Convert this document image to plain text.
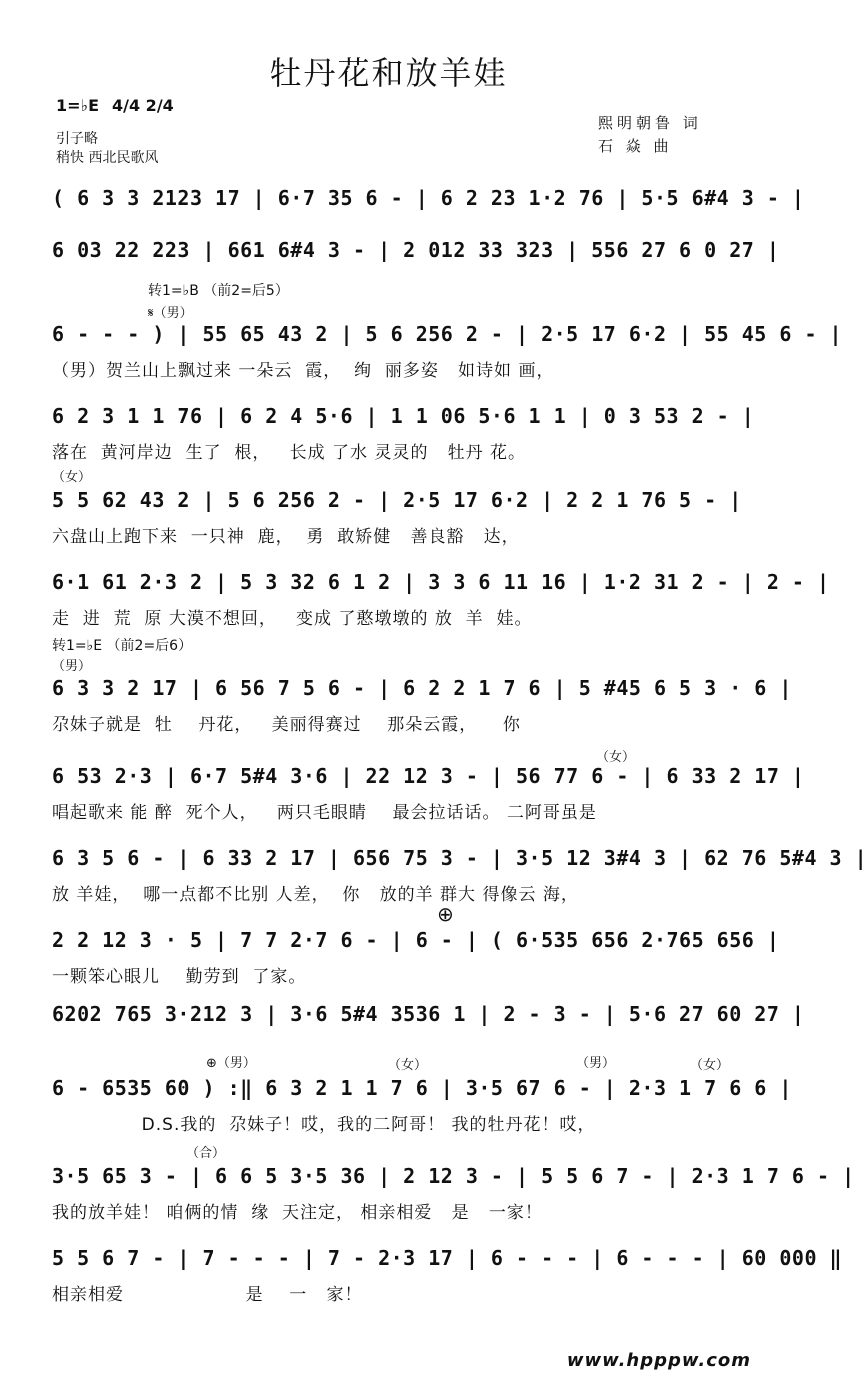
牡丹花和放羊娃
1=♭E 4/4 2/4
引子略
稍快 西北民歌风
熙明朝鲁 词
石 焱 曲
转1=♭B （前2=后5）
𝄋（男）
（女）
转1=♭E （前2=后6）
（男）
（女）
⊕
⊕（男）	（女）	（男）	（女）
（合）
( 6 3 3 2123 17 | 6·7 35 6 - | 6 2 23 1·2 76 | 5·5 6#4 3 - |
6 03 22 223 | 661 6#4 3 - | 2 012 33 323 | 556 27 6 0 27 |
6 - - - ) | 55 65 43 2 | 5 6 256 2 - | 2·5 17 6·2 | 55 45 6 - |
（男）贺兰山上飘过来 一朵云  霞，  绚  丽多姿   如诗如 画，
6 2 3 1 1 76 | 6 2 4 5·6 | 1 1 06 5·6 1 1 | 0 3 53 2 - |
落在  黄河岸边  生了  根，   长成 了水 灵灵的   牡丹 花。
5 5 62 43 2 | 5 6 256 2 - | 2·5 17 6·2 | 2 2 1 76 5 - |
六盘山上跑下来  一只神  鹿，  勇  敢矫健   善良豁   达，
6·1 61 2·3 2 | 5 3 32 6 1 2 | 3 3 6 11 16 | 1·2 31 2 - | 2 - |
走  进  荒  原 大漠不想回，   变成 了憨墩墩的 放  羊  娃。
6 3 3 2 17 | 6 56 7 5 6 - | 6 2 2 1 7 6 | 5 #45 6 5 3 · 6 |
尕妹子就是  牡    丹花，   美丽得赛过    那朵云霞，    你
6 53 2·3 | 6·7 5#4 3·6 | 22 12 3 - | 56 77 6 - | 6 33 2 17 |
唱起歌来 能 醉  死个人，   两只毛眼睛    最会拉话话。 二阿哥虽是
6 3 5 6 - | 6 33 2 17 | 656 75 3 - | 3·5 12 3#4 3 | 62 76 5#4 3 |
放 羊娃，  哪一点都不比别 人差，  你   放的羊 群大 得像云 海，
2 2 12 3 · 5 | 7 7 2·7 6 - | 6 - | ( 6·535 656 2·765 656 |
一颗笨心眼儿    勤劳到  了家。
6202 765 3·212 3 | 3·6 5#4 3536 1 | 2 - 3 - | 5·6 27 60 27 |
6 - 6535 60 ) :‖ 6 3 2 1 1 7 6 | 3·5 67 6 - | 2·3 1 7 6 6 |
D.S.我的  尕妹子！哎，我的二阿哥！ 我的牡丹花！哎，
3·5 65 3 - | 6 6 5 3·5 36 | 2 12 3 - | 5 5 6 7 - | 2·3 1 7 6 - |
我的放羊娃！ 咱俩的情  缘  天注定， 相亲相爱   是   一家！
5 5 6 7 - | 7 - - - | 7 - 2·3 17 | 6 - - - | 6 - - - | 60 000 ‖
相亲相爱                   是    一   家！
www.hpppw.com
